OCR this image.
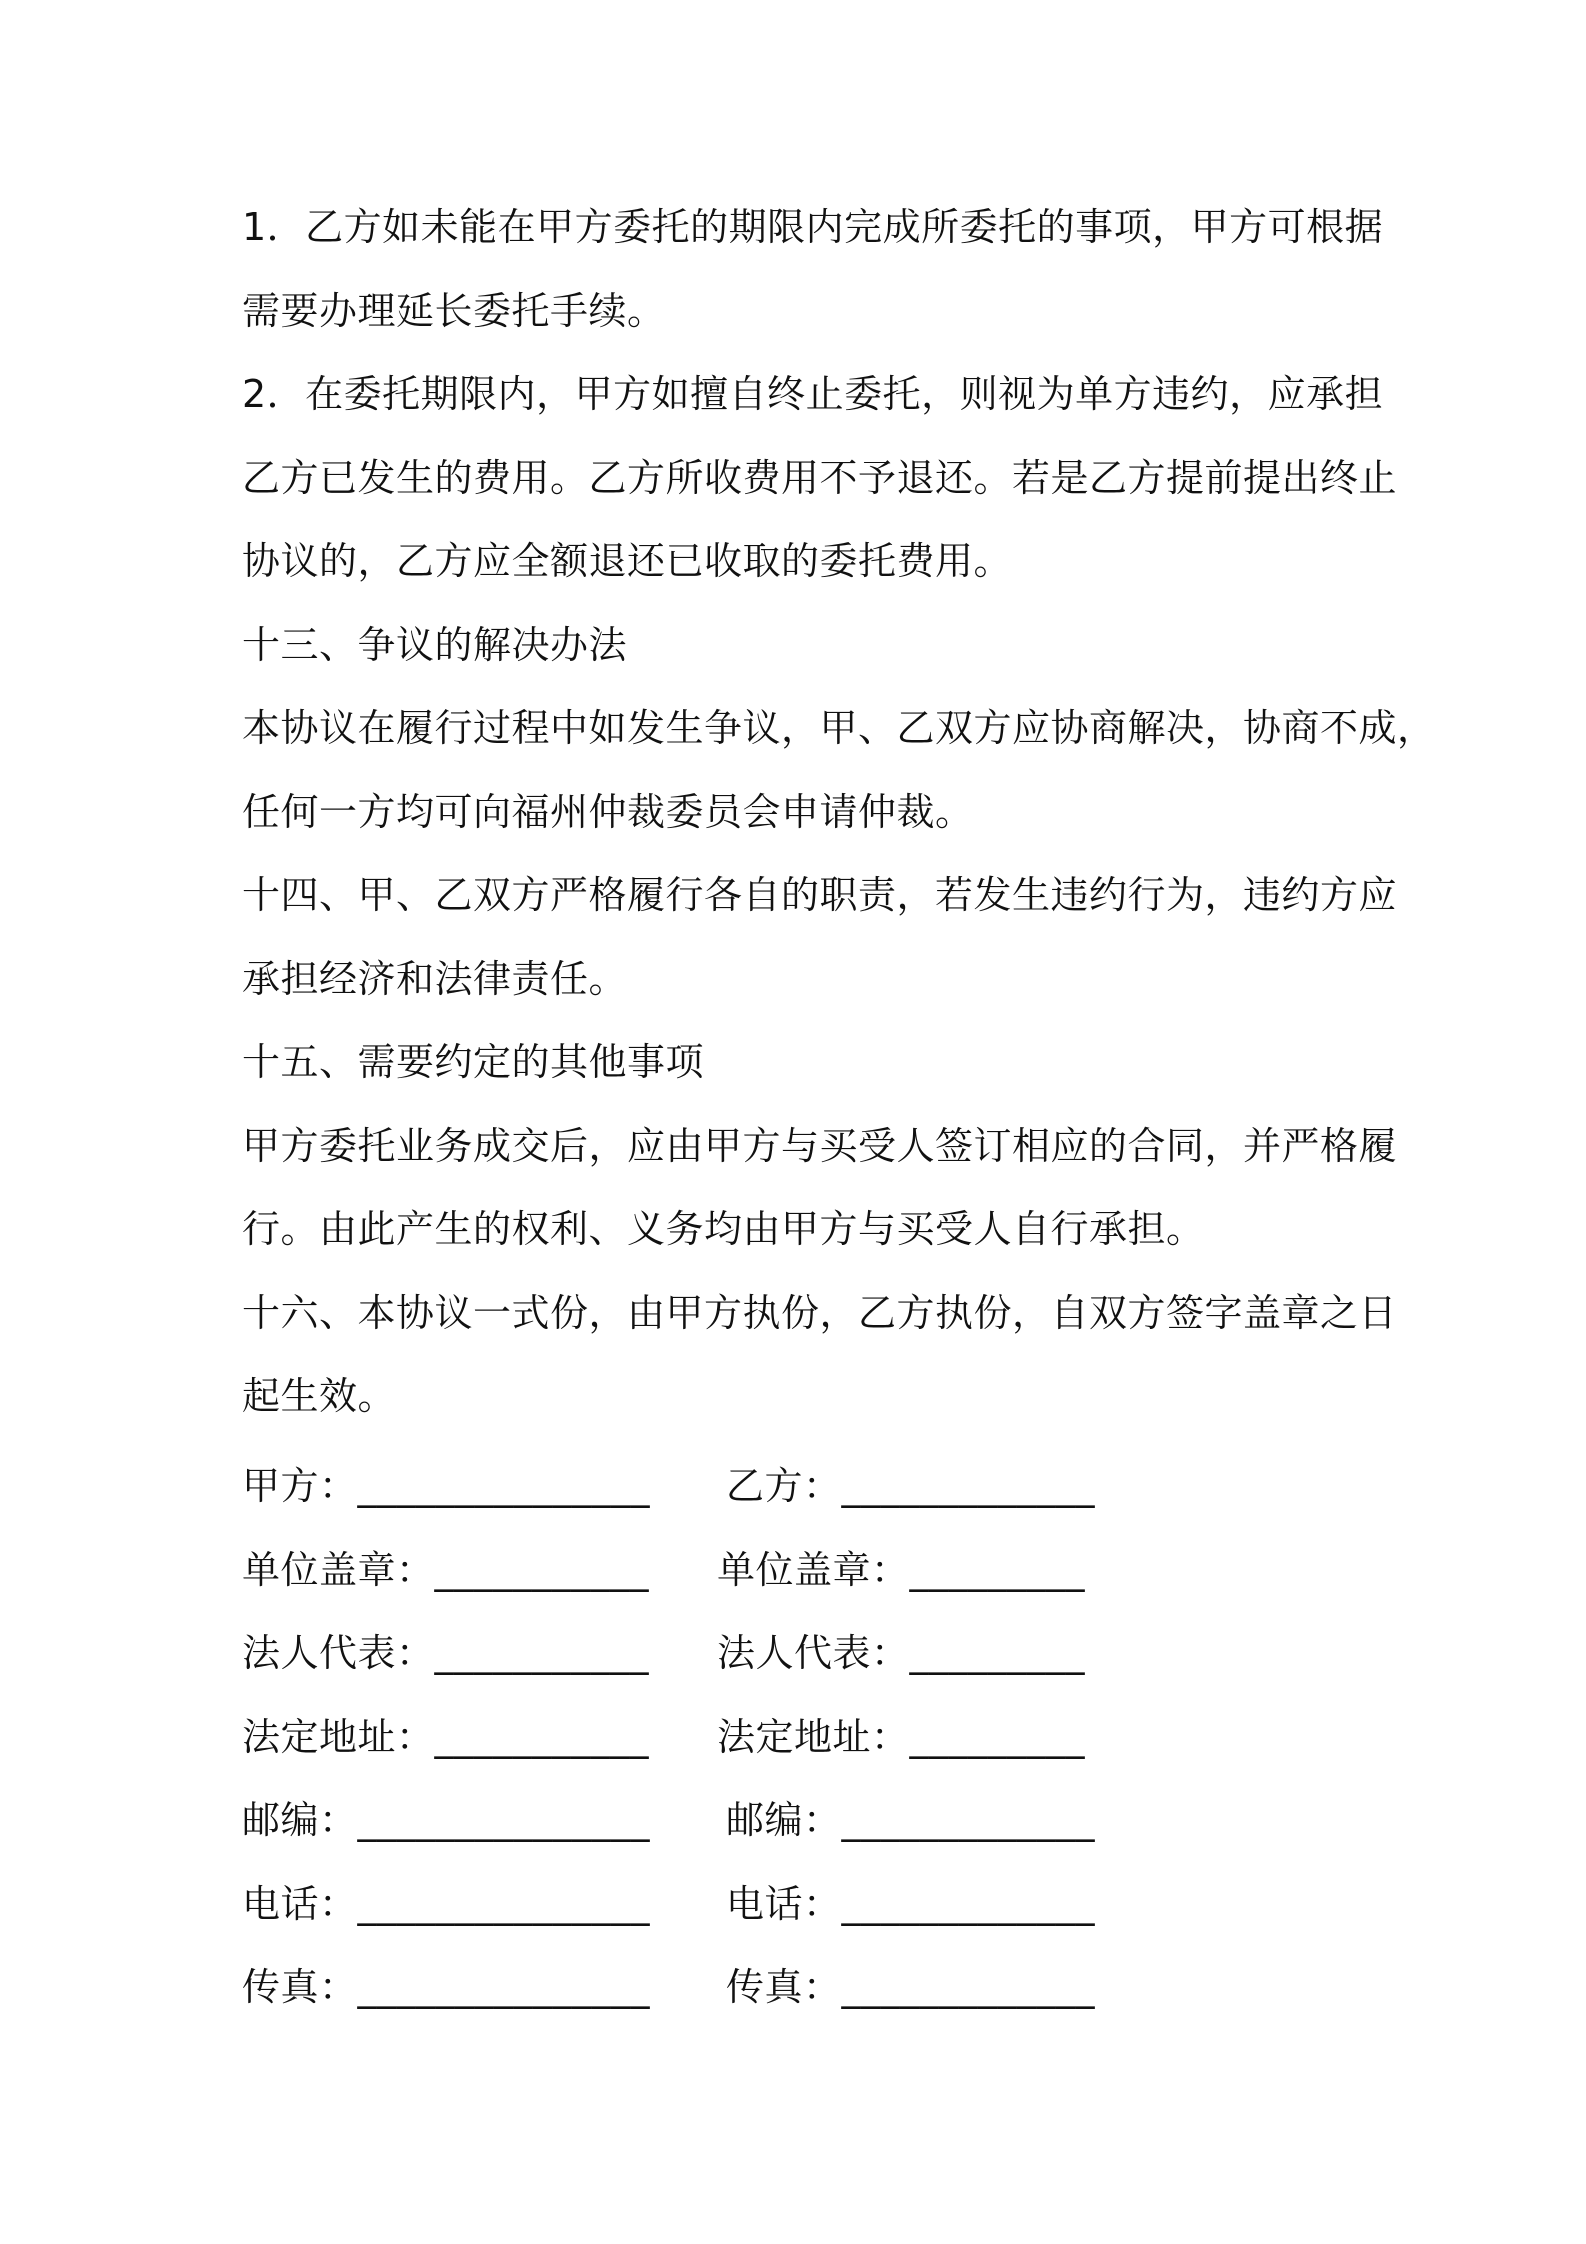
1．乙方如未能在甲方委托的期限内完成所委托的事项，甲方可根据

需要办理延长委托手续。

2．在委托期限内，甲方如擅自终止委托，则视为单方违约，应承担

乙方已发生的费用。乙方所收费用不予退还。若是乙方提前提出终止

协议的，乙方应全额退还已收取的委托费用。

十三、争议的解决办法

本协议在履行过程中如发生争议，甲、乙双方应协商解决，协商不成，

任何一方均可向福州仲裁委员会申请仲裁。

十四、甲、乙双方严格履行各自的职责，若发生违约行为，违约方应

承担经济和法律责任。

十五、需要约定的其他事项

甲方委托业务成交后，应由甲方与买受人签订相应的合同，并严格履

行。由此产生的权利、义务均由甲方与买受人自行承担。

十六、本协议一式份，由甲方执份，乙方执份，自双方签字盖章之日

起生效。

甲方：_______________ 乙方：_____________
单位盖章：___________ 单位盖章：_________
法人代表：___________ 法人代表：_________
法定地址：___________ 法定地址：_________
邮编：_______________ 邮编：_____________
电话：_______________ 电话：_____________
传真：_______________ 传真：_____________
